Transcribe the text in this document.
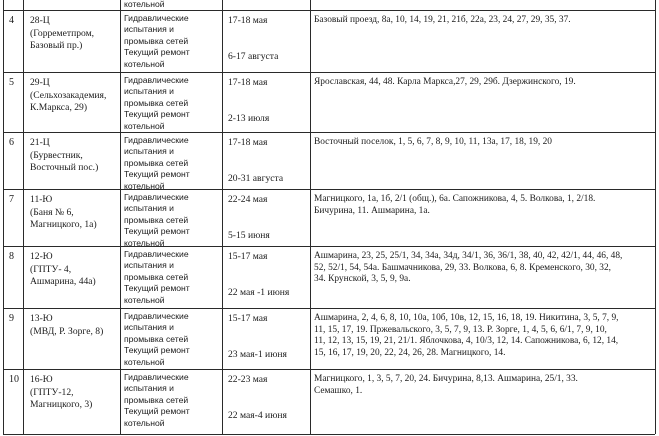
котельной
4 28-Ц
(Горреметпром,
Базовый пр.)
Гидравлические
испытания и
промывка сетей
Текущий ремонт
котельной
17-18 мая
6-17 августа
Базовый проезд, 8а, 10, 14, 19, 21, 21б, 22а, 23, 24, 27, 29, 35, 37.
5 29-Ц
(Сельхозакадемия,
К.Маркса, 29)
Гидравлические
испытания и
промывка сетей
Текущий ремонт
котельной
17-18 мая
2-13 июля
Ярославская, 44, 48. Карла Маркса,27, 29, 29б. Дзержинского, 19.
6 21-Ц
(Бурвестник,
Восточный пос.)
Гидравлические
испытания и
промывка сетей
Текущий ремонт
котельной
17-18 мая
20-31 августа
Восточный поселок, 1, 5, 6, 7, 8, 9, 10, 11, 13а, 17, 18, 19, 20
7 11-Ю
(Баня № 6,
Магницкого, 1а)
Гидравлические
испытания и
промывка сетей
Текущий ремонт
котельной
22-24 мая
5-15 июня
Магницкого, 1а, 1б, 2/1 (общ.), 6а. Сапожникова, 4, 5. Волкова, 1, 2/18.
Бичурина, 11. Ашмарина, 1а.
8 12-Ю
(ГПТУ- 4,
Ашмарина, 44а)
Гидравлические
испытания и
промывка сетей
Текущий ремонт
котельной
15-17 мая
22 мая -1 июня
Ашмарина, 23, 25, 25/1, 34, 34а, 34д, 34/1, 36, 36/1, 38, 40, 42, 42/1, 44, 46, 48,
52, 52/1, 54, 54а. Башмачникова, 29, 33. Волкова, 6, 8. Кременского, 30, 32,
34. Крунской, 3, 5, 9, 9а.
9 13-Ю
(МВД, Р. Зорге, 8)
Гидравлические
испытания и
промывка сетей
Текущий ремонт
котельной
15-17 мая
23 мая-1 июня
Ашмарина, 2, 4, 6, 8, 10, 10а, 10б, 10в, 12, 15, 16, 18, 19. Никитина, 3, 5, 7, 9,
11, 15, 17, 19. Пржевальского, 3, 5, 7, 9, 13. Р. Зорге, 1, 4, 5, 6, 6/1, 7, 9, 10,
11, 12, 13, 15, 19, 21, 21/1. Яблочкова, 4, 10/3, 12, 14. Сапожникова, 6, 12, 14,
15, 16, 17, 19, 20, 22, 24, 26, 28. Магницкого, 14.
10 16-Ю
(ГПТУ-12,
Магницкого, 3)
Гидравлические
испытания и
промывка сетей
Текущий ремонт
котельной
22-23 мая
22 мая-4 июня
Магницкого, 1, 3, 5, 7, 20, 24. Бичурина, 8,13. Ашмарина, 25/1, 33.
Семашко, 1.
